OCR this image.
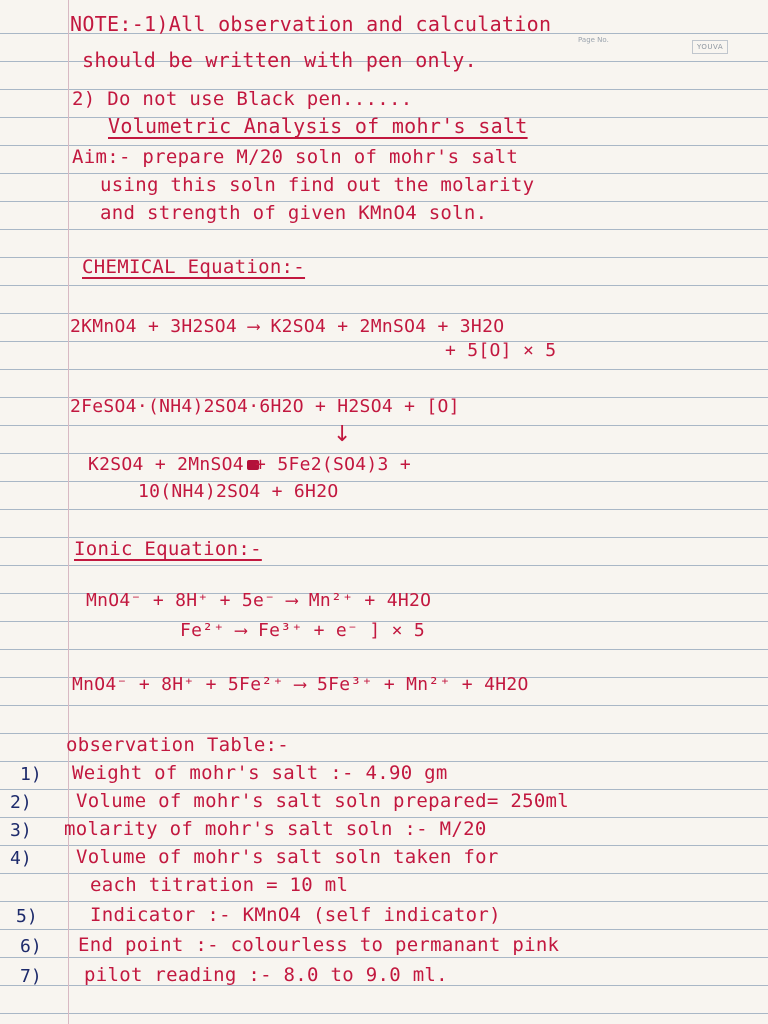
Page No.
YOUVA
NOTE:-1)All observation and calculation
should be written with pen only.
2) Do not use Black pen......
Volumetric Analysis of mohr's salt
Aim:- prepare M/20 soln of mohr's salt
using this soln find out the molarity
and strength of given KMnO4 soln.
CHEMICAL Equation:-
2KMnO4 + 3H2SO4 ⟶ K2SO4 + 2MnSO4 + 3H2O
+ 5[O] × 5
2FeSO4·(NH4)2SO4·6H2O + H2SO4 + [O]
↓
K2SO4 + 2MnSO4 + 5Fe2(SO4)3 +
10(NH4)2SO4 + 6H2O
Ionic Equation:-
MnO4⁻ + 8H⁺ + 5e⁻ ⟶ Mn²⁺ + 4H2O
Fe²⁺ ⟶ Fe³⁺ + e⁻ ] × 5
MnO4⁻ + 8H⁺ + 5Fe²⁺ ⟶ 5Fe³⁺ + Mn²⁺ + 4H2O
observation Table:-
1) Weight of mohr's salt :- 4.90 gm
2) Volume of mohr's salt soln prepared= 250ml
3) molarity of mohr's salt soln :- M/20
4) Volume of mohr's salt soln taken for
each titration = 10 ml
5)	Indicator :- KMnO4 (self indicator)
6) End point :- colourless to permanant pink
7) pilot reading :- 8.0 to 9.0 ml.
